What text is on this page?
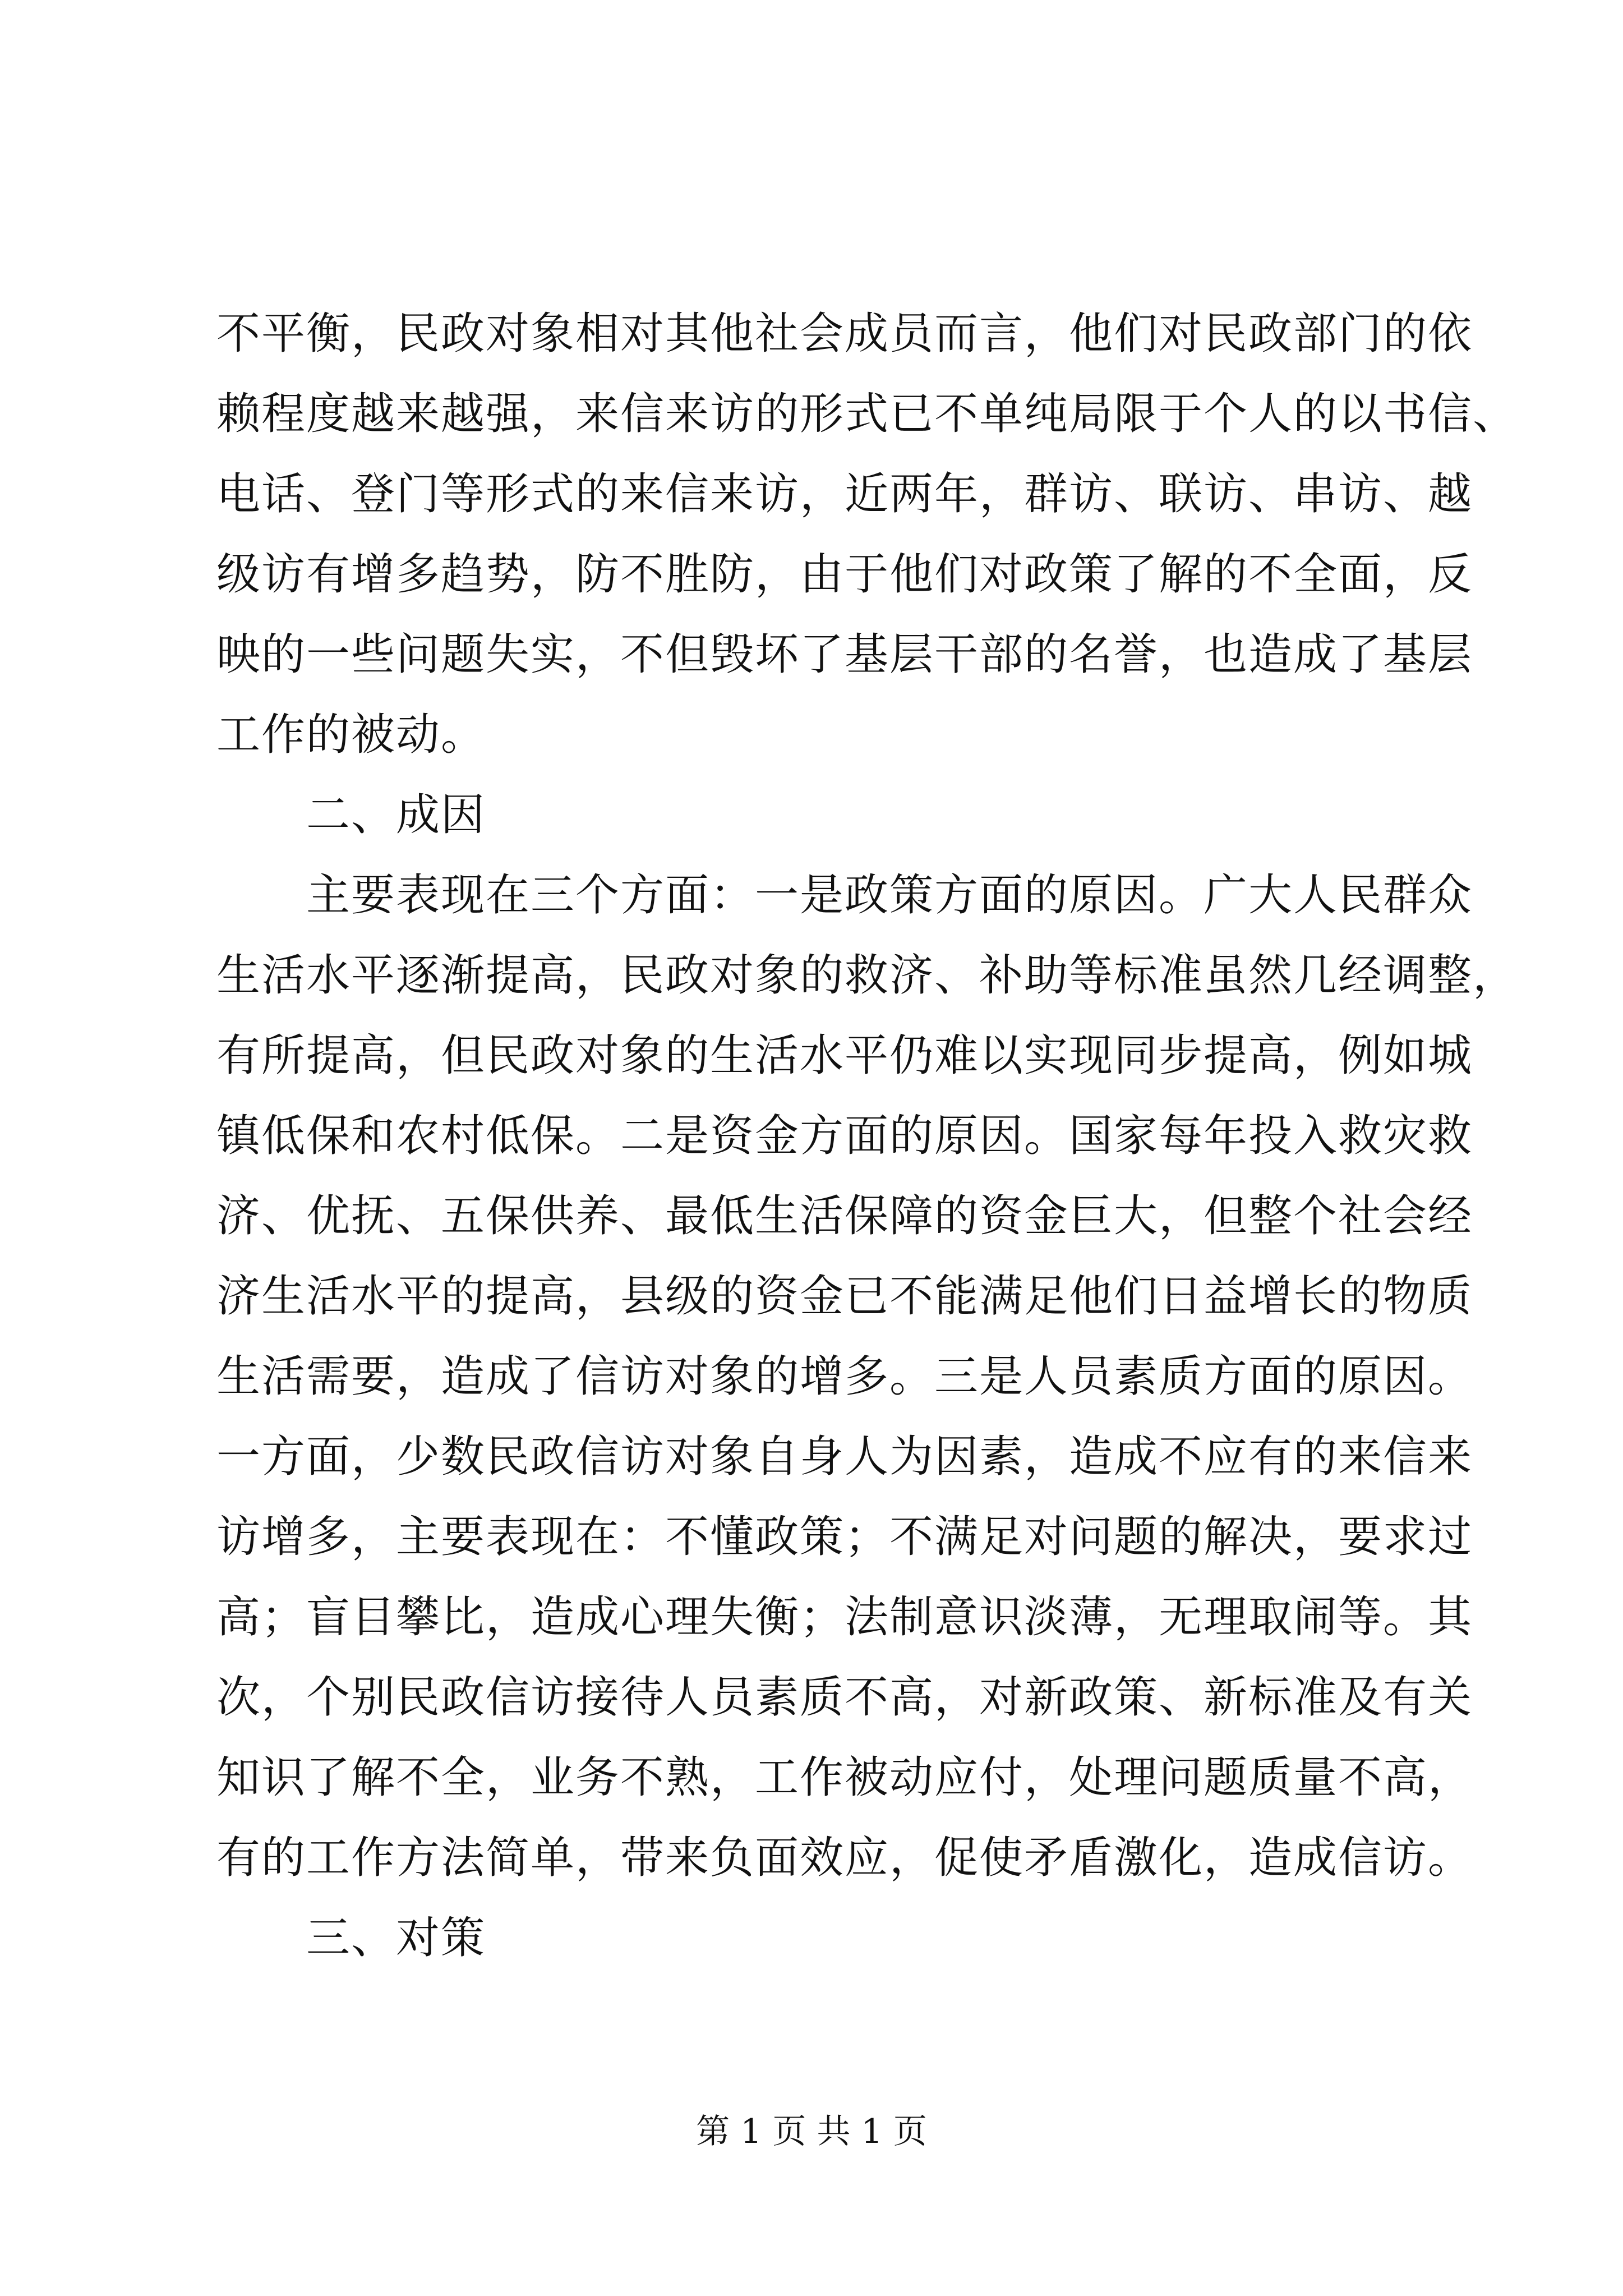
不平衡，民政对象相对其他社会成员而言，他们对民政部门的依
赖程度越来越强，来信来访的形式已不单纯局限于个人的以书信、
电话、登门等形式的来信来访，近两年，群访、联访、串访、越
级访有增多趋势，防不胜防，由于他们对政策了解的不全面，反
映的一些问题失实，不但毁坏了基层干部的名誉，也造成了基层
工作的被动。
二、成因
主要表现在三个方面：一是政策方面的原因。广大人民群众
生活水平逐渐提高，民政对象的救济、补助等标准虽然几经调整，
有所提高，但民政对象的生活水平仍难以实现同步提高，例如城
镇低保和农村低保。二是资金方面的原因。国家每年投入救灾救
济、优抚、五保供养、最低生活保障的资金巨大，但整个社会经
济生活水平的提高，县级的资金已不能满足他们日益增长的物质
生活需要，造成了信访对象的增多。三是人员素质方面的原因。
一方面，少数民政信访对象自身人为因素，造成不应有的来信来
访增多，主要表现在：不懂政策；不满足对问题的解决，要求过
高；盲目攀比，造成心理失衡；法制意识淡薄，无理取闹等。其
次，个别民政信访接待人员素质不高，对新政策、新标准及有关
知识了解不全，业务不熟，工作被动应付，处理问题质量不高，
有的工作方法简单，带来负面效应，促使矛盾激化，造成信访。
三、对策
第 1 页 共 1 页
